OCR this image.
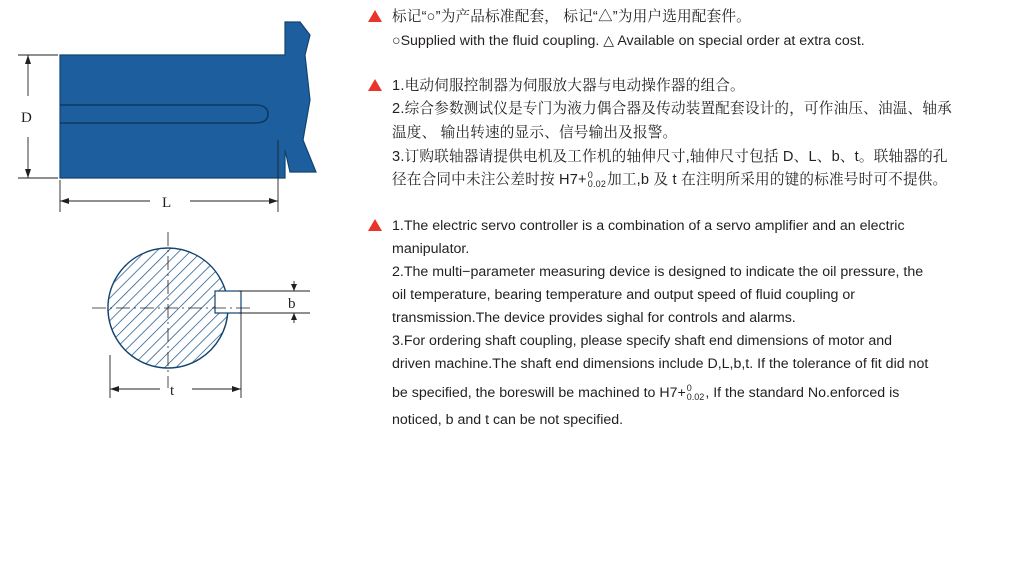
D
L
b
t
标记“○”为产品标准配套， 标记“△”为用户选用配套件。
○Supplied with the fluid coupling. △ Available on special order at extra cost.
1.电动伺服控制器为伺服放大器与电动操作器的组合。
2.综合参数测试仪是专门为液力偶合器及传动装置配套设计的，可作油压、油温、轴承
温度、 输出转速的显示、信号输出及报警。
3.订购联轴器请提供电机及工作机的轴伸尺寸,轴伸尺寸包括 D、L、b、t。联轴器的孔
径在合同中未注公差时按 H7+ 0
0.02 加工,b 及 t 在注明所采用的键的标准号时可不提供。
1.The electric servo controller is a combination of a servo amplifier and an electric
manipulator.
2.The multi−parameter measuring device is designed to indicate the oil pressure, the
oil temperature, bearing temperature and output speed of fluid coupling or
transmission.The device provides sighal for controls and alarms.
3.For ordering shaft coupling, please specify shaft end dimensions of motor and
driven machine.The shaft end dimensions include D,L,b,t. If the tolerance of fit did not
be specified, the boreswill be machined to H7+ 0
0.02 , If the standard No.enforced is
noticed, b and t can be not specified.
